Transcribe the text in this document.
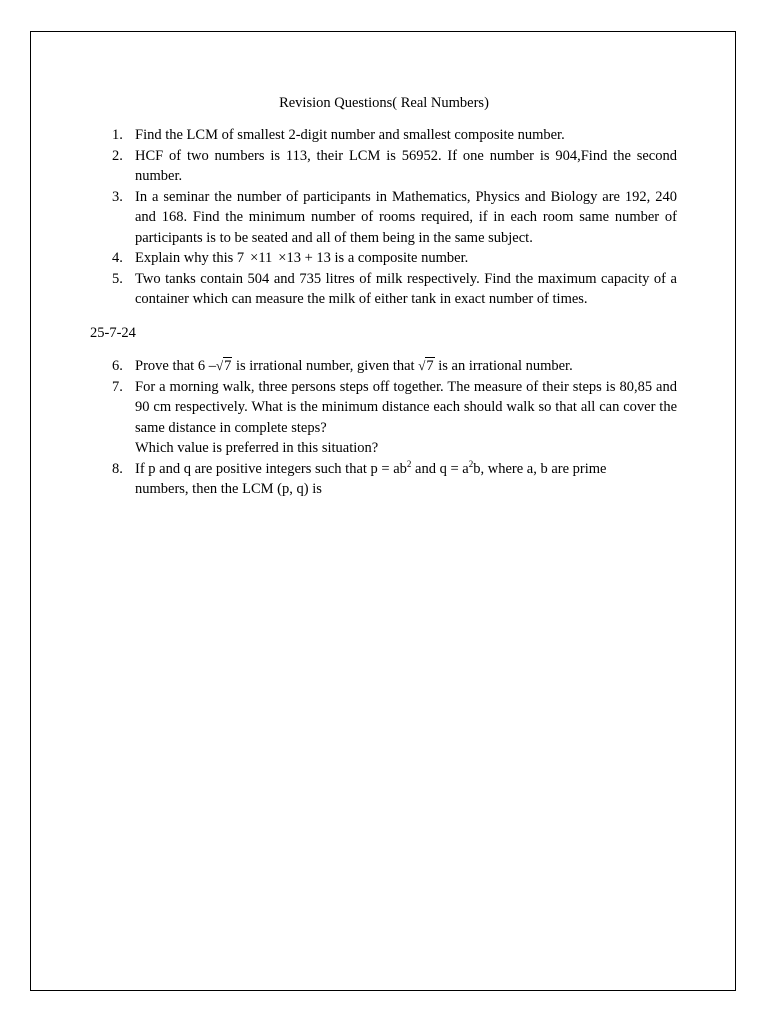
Revision Questions( Real Numbers)
1. Find the LCM of smallest 2-digit number and smallest composite number.
2. HCF of two numbers is 113, their LCM is 56952. If one number is 904,Find the second number.
3. In a seminar the number of participants in Mathematics, Physics and Biology are 192, 240 and 168. Find the minimum number of rooms required, if in each room same number of participants is to be seated and all of them being in the same subject.
4. Explain why this 7 ×11 ×13 + 13 is a composite number.
5. Two tanks contain 504 and 735 litres of milk respectively. Find the maximum capacity of a container which can measure the milk of either tank in exact number of times.
25-7-24
6. Prove that 6 –√7 is irrational number, given that √7 is an irrational number.
7. For a morning walk, three persons steps off together. The measure of their steps is 80,85 and 90 cm respectively. What is the minimum distance each should walk so that all can cover the same distance in complete steps?
Which value is preferred in this situation?
8. If p and q are positive integers such that $p = ab^2$ and $q = a^2b$, where a, b are prime numbers, then the LCM (p, q) is
